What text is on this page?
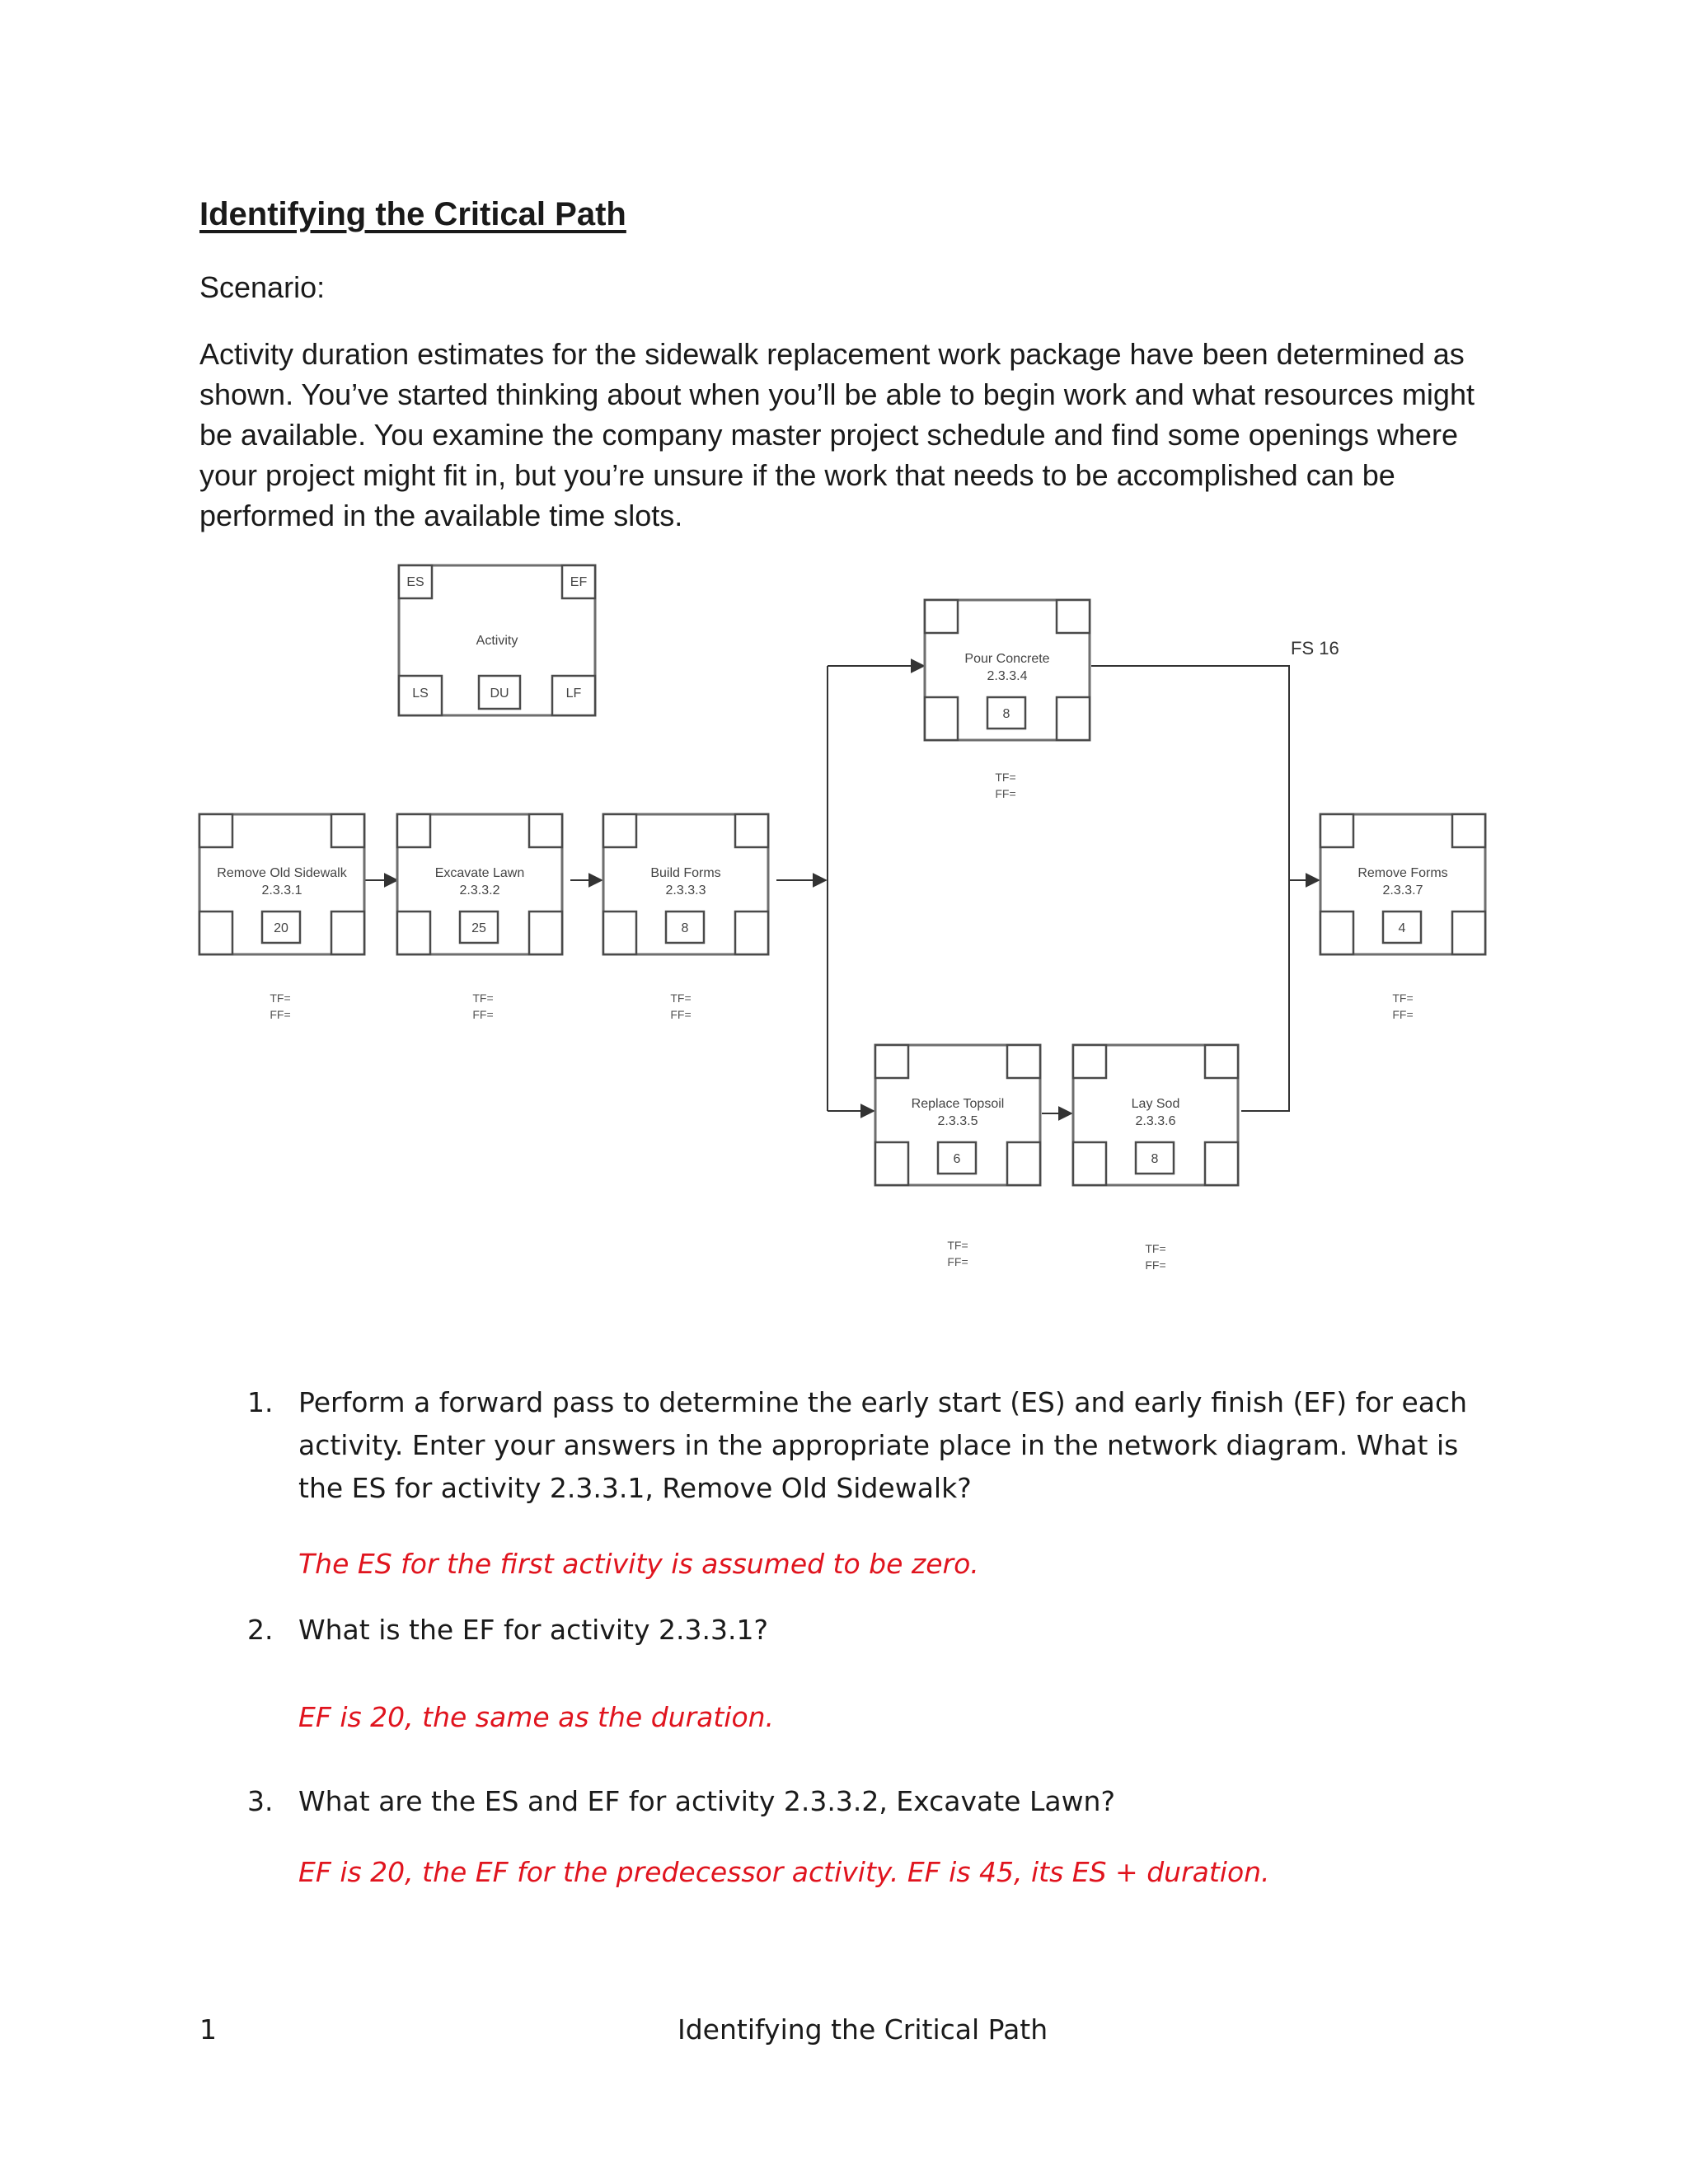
Identifying the Critical Path
Scenario:
Activity duration estimates for the sidewalk replacement work package have been determined as shown. You’ve started thinking about when you’ll be able to begin work and what resources might be available. You examine the company master project schedule and find some openings where your project might fit in, but you’re unsure if the work that needs to be accomplished can be performed in the available time slots.
ES	EF
Activity
LS	DU	LF
FS 16
Remove Old Sidewalk
2.3.3.1
20
TF=
FF=
Excavate Lawn
2.3.3.2
25
TF=
FF=
Build Forms
2.3.3.3
8
TF=
FF=
Pour Concrete
2.3.3.4
8
TF=
FF=
Replace Topsoil
2.3.3.5
6
TF=
FF=
Lay Sod
2.3.3.6
8
TF=
FF=
Remove Forms
2.3.3.7
4
TF=
FF=
1. Perform a forward pass to determine the early start (ES) and early finish (EF) for each activity. Enter your answers in the appropriate place in the network diagram. What is the ES for activity 2.3.3.1, Remove Old Sidewalk?
The ES for the first activity is assumed to be zero.
2. What is the EF for activity 2.3.3.1?
EF is 20, the same as the duration.
3. What are the ES and EF for activity 2.3.3.2, Excavate Lawn?
EF is 20, the EF for the predecessor activity. EF is 45, its ES + duration.
1	Identifying the Critical Path
